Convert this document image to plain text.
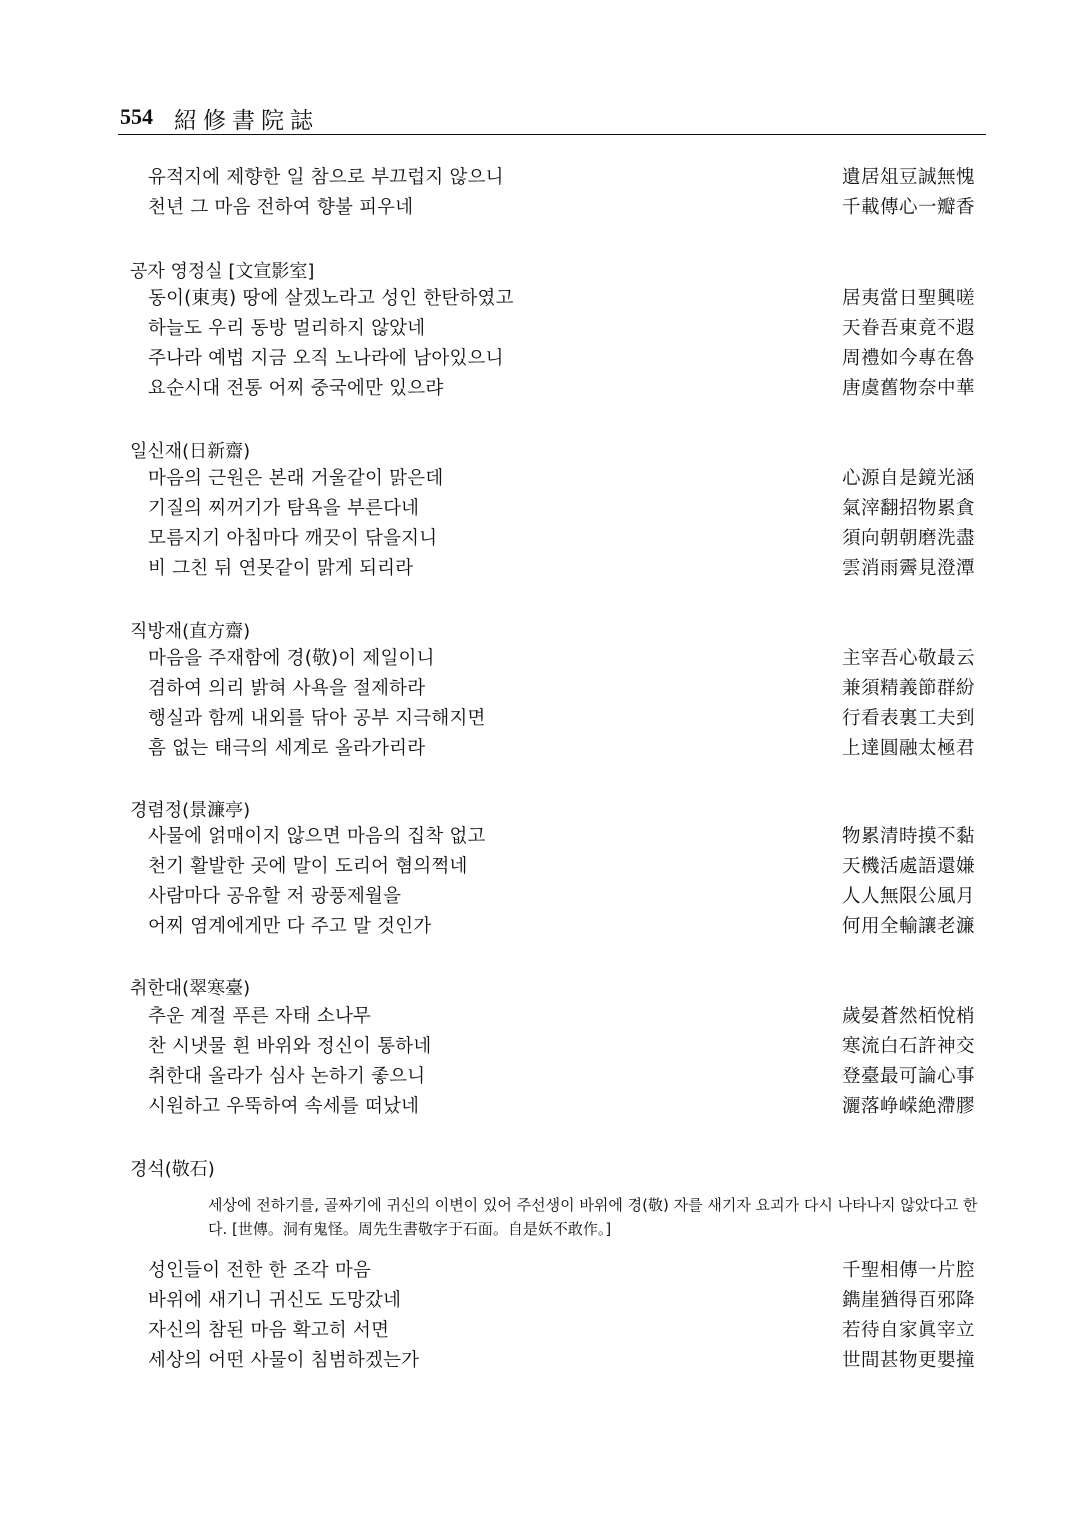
554 紹修書院誌
유적지에 제향한 일 참으로 부끄럽지 않으니	遺居俎豆誠無愧
천년 그 마음 전하여 향불 피우네	千載傳心一瓣香
공자 영정실 [文宣影室]
동이(東夷) 땅에 살겠노라고 성인 한탄하였고	居夷當日聖興嗟
하늘도 우리 동방 멀리하지 않았네	天眷吾東竟不遐
주나라 예법 지금 오직 노나라에 남아있으니	周禮如今專在魯
요순시대 전통 어찌 중국에만 있으랴	唐虞舊物奈中華
일신재(日新齋)
마음의 근원은 본래 거울같이 맑은데	心源自是鏡光涵
기질의 찌꺼기가 탐욕을 부른다네	氣滓翻招物累貪
모름지기 아침마다 깨끗이 닦을지니	須向朝朝磨洗盡
비 그친 뒤 연못같이 맑게 되리라	雲消雨霽見澄潭
직방재(直方齋)
마음을 주재함에 경(敬)이 제일이니	主宰吾心敬最云
겸하여 의리 밝혀 사욕을 절제하라	兼須精義節群紛
행실과 함께 내외를 닦아 공부 지극해지면	行看表裏工夫到
흠 없는 태극의 세계로 올라가리라	上達圓融太極君
경렴정(景濂亭)
사물에 얽매이지 않으면 마음의 집착 없고	物累清時摸不黏
천기 활발한 곳에 말이 도리어 혐의쩍네	天機活處語還嫌
사람마다 공유할 저 광풍제월을	人人無限公風月
어찌 염계에게만 다 주고 말 것인가	何用全輸讓老濂
취한대(翠寒臺)
추운 계절 푸른 자태 소나무	歲晏蒼然栢悅梢
찬 시냇물 흰 바위와 정신이 통하네	寒流白石許神交
취한대 올라가 심사 논하기 좋으니	登臺最可論心事
시원하고 우뚝하여 속세를 떠났네	灑落峥嵘絶滯膠
경석(敬石)
세상에 전하기를, 골짜기에 귀신의 이변이 있어 주선생이 바위에 경(敬) 자를 새기자 요괴가 다시 나타나지 않았다고 한다. [世傳。洞有鬼怪。周先生書敬字于石面。自是妖不敢作。]
성인들이 전한 한 조각 마음	千聖相傳一片腔
바위에 새기니 귀신도 도망갔네	鐫崖猶得百邪降
자신의 참된 마음 확고히 서면	若待自家眞宰立
세상의 어떤 사물이 침범하겠는가	世間甚物更嬰撞
